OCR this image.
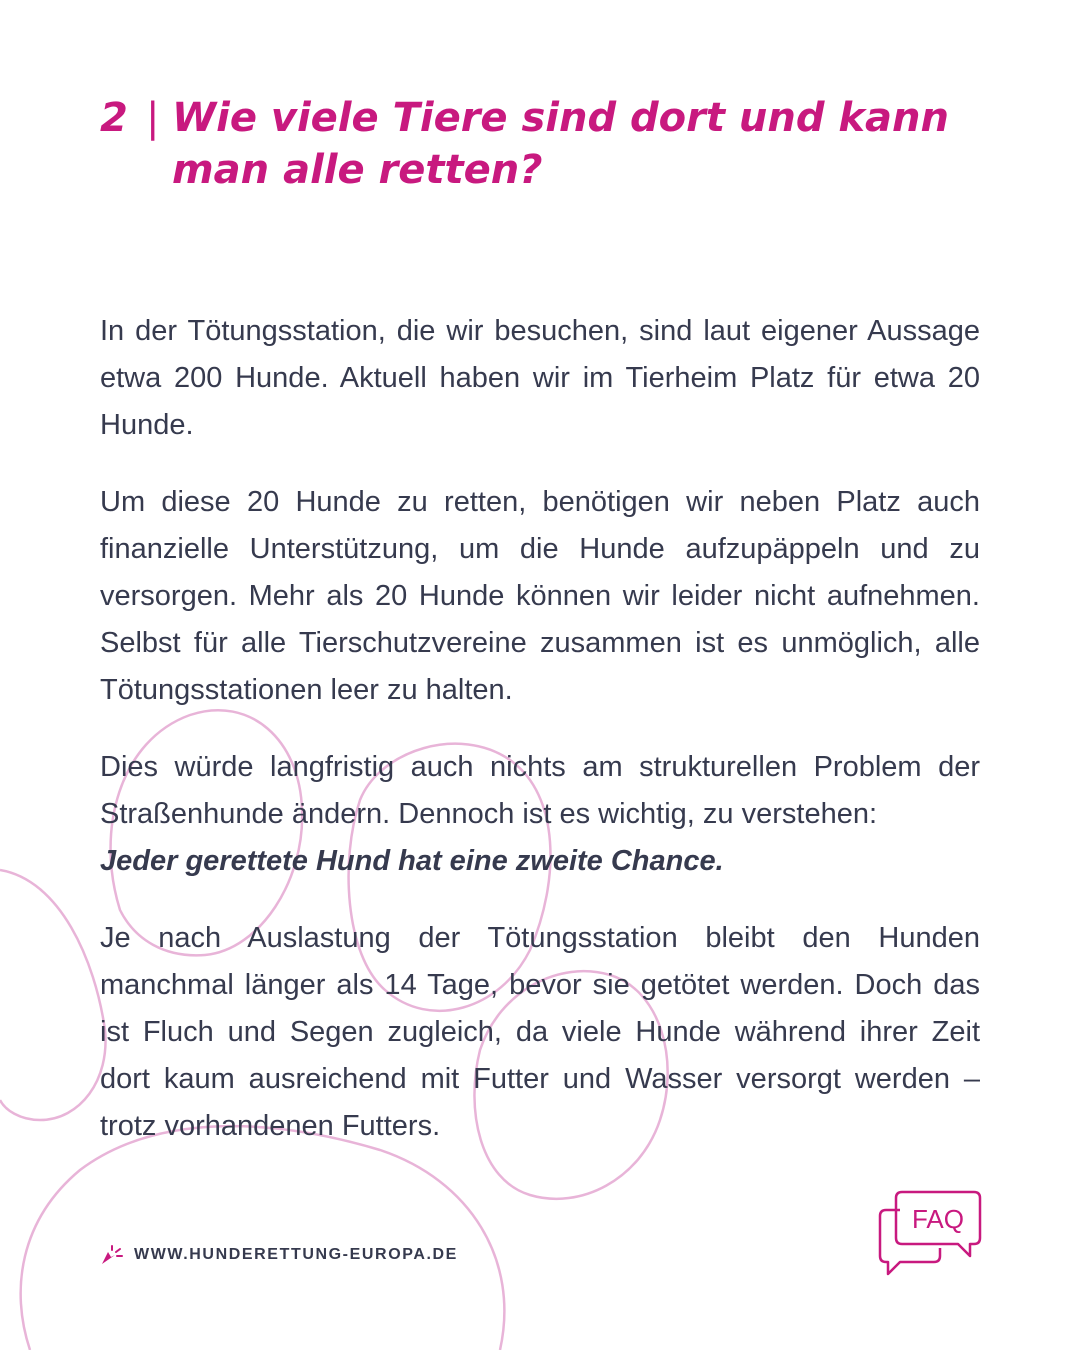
2 | Wie viele Tiere sind dort und kann man alle retten?

In der Tötungsstation, die wir besuchen, sind laut eigener Aussage etwa 200 Hunde. Aktuell haben wir im Tierheim Platz für etwa 20 Hunde.

Um diese 20 Hunde zu retten, benötigen wir neben Platz auch finanzielle Unterstützung, um die Hunde aufzupäppeln und zu versorgen. Mehr als 20 Hunde können wir leider nicht aufnehmen. Selbst für alle Tierschutzvereine zusammen ist es unmöglich, alle Tötungsstationen leer zu halten.

Dies würde langfristig auch nichts am strukturellen Problem der Straßenhunde ändern. Dennoch ist es wichtig, zu verstehen:
Jeder gerettete Hund hat eine zweite Chance.

Je nach Auslastung der Tötungsstation bleibt den Hunden manchmal länger als 14 Tage, bevor sie getötet werden. Doch das ist Fluch und Segen zugleich, da viele Hunde während ihrer Zeit dort kaum ausreichend mit Futter und Wasser versorgt werden – trotz vorhandenen Futters.

WWW.HUNDERETTUNG-EUROPA.DE
FAQ
